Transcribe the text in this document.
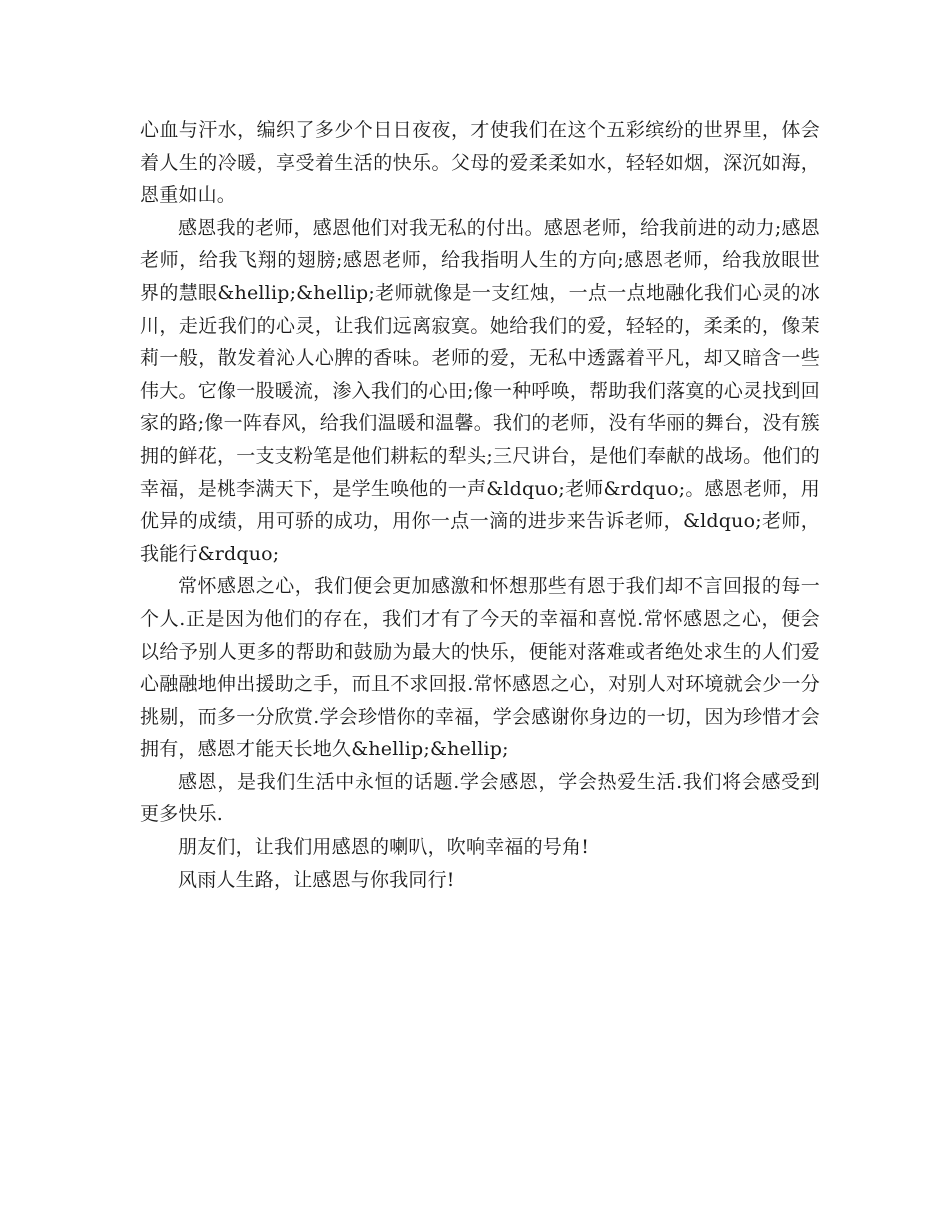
心血与汗水，编织了多少个日日夜夜，才使我们在这个五彩缤纷的世界里，体会着人生的冷暖，享受着生活的快乐。父母的爱柔柔如水，轻轻如烟，深沉如海，恩重如山。

感恩我的老师，感恩他们对我无私的付出。感恩老师，给我前进的动力;感恩老师，给我飞翔的翅膀;感恩老师，给我指明人生的方向;感恩老师，给我放眼世界的慧眼&hellip;&hellip;老师就像是一支红烛，一点一点地融化我们心灵的冰川，走近我们的心灵，让我们远离寂寞。她给我们的爱，轻轻的，柔柔的，像茉莉一般，散发着沁人心脾的香味。老师的爱，无私中透露着平凡，却又暗含一些伟大。它像一股暖流，渗入我们的心田;像一种呼唤，帮助我们落寞的心灵找到回家的路;像一阵春风，给我们温暖和温馨。我们的老师，没有华丽的舞台，没有簇拥的鲜花，一支支粉笔是他们耕耘的犁头;三尺讲台，是他们奉献的战场。他们的幸福，是桃李满天下，是学生唤他的一声&ldquo;老师&rdquo;。感恩老师，用优异的成绩，用可骄的成功，用你一点一滴的进步来告诉老师，&ldquo;老师，我能行&rdquo;

常怀感恩之心，我们便会更加感激和怀想那些有恩于我们却不言回报的每一个人.正是因为他们的存在，我们才有了今天的幸福和喜悦.常怀感恩之心，便会以给予别人更多的帮助和鼓励为最大的快乐，便能对落难或者绝处求生的人们爱心融融地伸出援助之手，而且不求回报.常怀感恩之心，对别人对环境就会少一分挑剔，而多一分欣赏.学会珍惜你的幸福，学会感谢你身边的一切，因为珍惜才会拥有，感恩才能天长地久&hellip;&hellip;

感恩，是我们生活中永恒的话题.学会感恩，学会热爱生活.我们将会感受到更多快乐.

朋友们，让我们用感恩的喇叭，吹响幸福的号角!

风雨人生路，让感恩与你我同行!
